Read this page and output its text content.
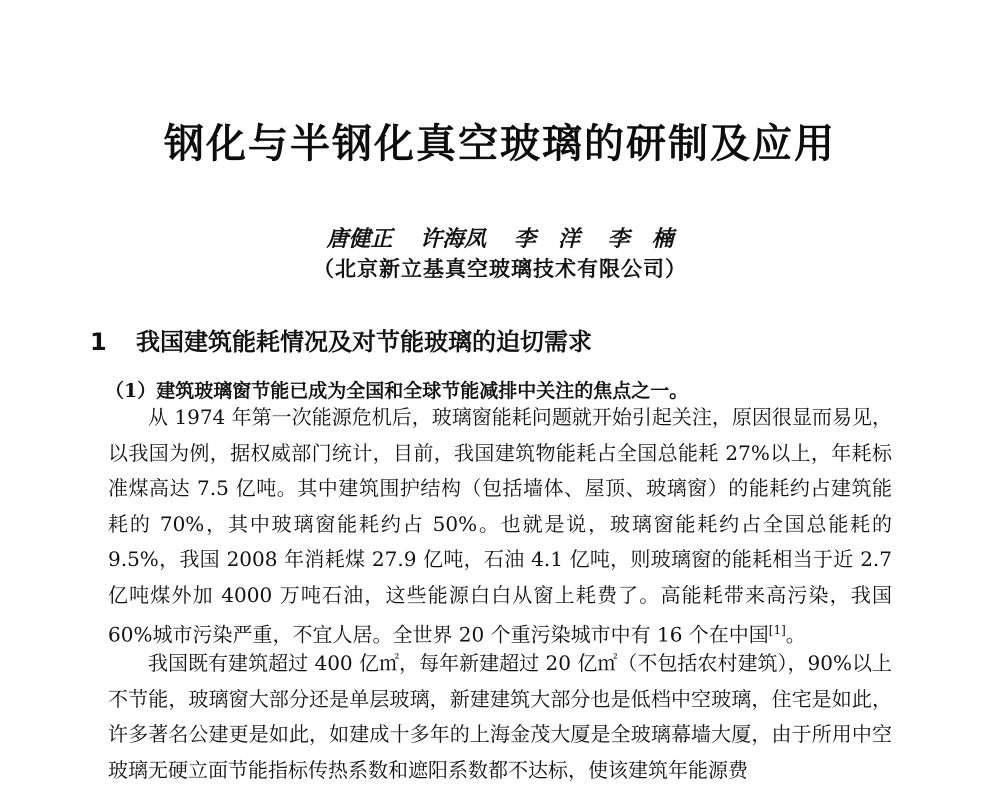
钢化与半钢化真空玻璃的研制及应用
唐健正 许海凤 李　洋 李　楠
（北京新立基真空玻璃技术有限公司）
1 我国建筑能耗情况及对节能玻璃的迫切需求

（1）建筑玻璃窗节能已成为全国和全球节能减排中关注的焦点之一。

从 1974 年第一次能源危机后，玻璃窗能耗问题就开始引起关注，原因很显而易见，以我国为例，据权威部门统计，目前，我国建筑物能耗占全国总能耗 27%以上，年耗标准煤高达 7.5 亿吨。其中建筑围护结构（包括墙体、屋顶、玻璃窗）的能耗约占建筑能耗的 70%，其中玻璃窗能耗约占 50%。也就是说，玻璃窗能耗约占全国总能耗的 9.5%，我国 2008 年消耗煤 27.9 亿吨，石油 4.1 亿吨，则玻璃窗的能耗相当于近 2.7 亿吨煤外加 4000 万吨石油，这些能源白白从窗上耗费了。高能耗带来高污染，我国 60%城市污染严重，不宜人居。全世界 20 个重污染城市中有 16 个在中国[1]。

我国既有建筑超过 400 亿㎡，每年新建超过 20 亿㎡（不包括农村建筑），90%以上不节能，玻璃窗大部分还是单层玻璃，新建建筑大部分也是低档中空玻璃，住宅是如此，许多著名公建更是如此，如建成十多年的上海金茂大厦是全玻璃幕墙大厦，由于所用中空玻璃无硬立面节能指标传热系数和遮阳系数都不达标，使该建筑年能源费
